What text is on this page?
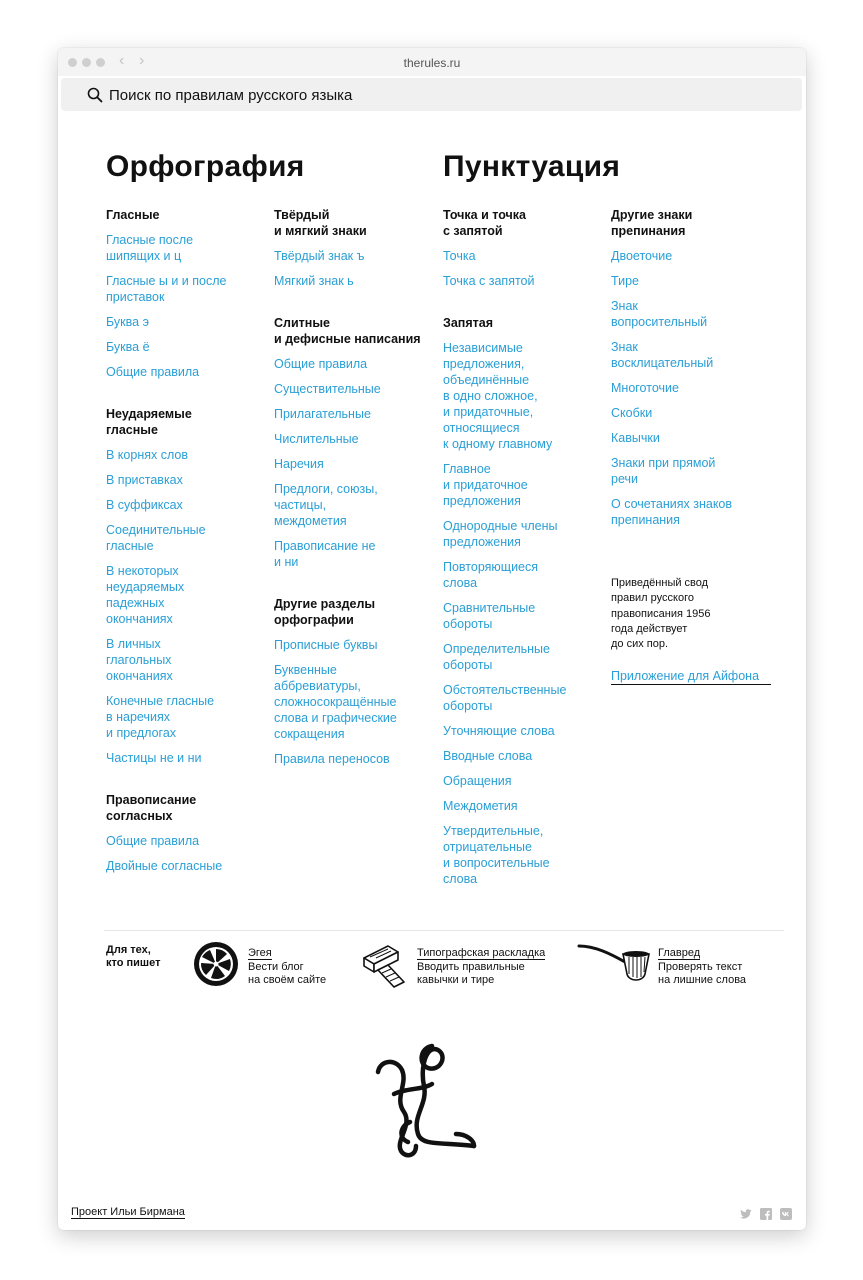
‹ ›	therules.ru
Поиск по правилам русского языка
Орфография	Пунктуация
Гласные
Гласные после
шипящих и ц
Гласные ы и и после
приставок
Буква э
Буква ё
Общие правила
Неударяемые
гласные
В корнях слов
В приставках
В суффиксах
Соединительные
гласные
В некоторых
неударяемых
падежных
окончаниях
В личных
глагольных
окончаниях
Конечные гласные
в наречиях
и предлогах
Частицы не и ни
Правописание
согласных
Общие правила
Двойные согласные
Твёрдый
и мягкий знаки
Твёрдый знак ъ
Мягкий знак ь
Слитные
и дефисные написания
Общие правила
Существительные
Прилагательные
Числительные
Наречия
Предлоги, союзы,
частицы,
междометия
Правописание не
и ни
Другие разделы
орфографии
Прописные буквы
Буквенные
аббревиатуры,
сложносокращённые
слова и графические
сокращения
Правила переносов
Точка и точка
с запятой
Точка
Точка с запятой
Запятая
Независимые
предложения,
объединённые
в одно сложное,
и придаточные,
относящиеся
к одному главному
Главное
и придаточное
предложения
Однородные члены
предложения
Повторяющиеся
слова
Сравнительные
обороты
Определительные
обороты
Обстоятельственные
обороты
Уточняющие слова
Вводные слова
Обращения
Междометия
Утвердительные,
отрицательные
и вопросительные
слова
Другие знаки
препинания
Двоеточие
Тире
Знак
вопросительный
Знак
восклицательный
Многоточие
Скобки
Кавычки
Знаки при прямой
речи
О сочетаниях знаков
препинания
Приведённый свод
правил русского
правописания 1956
года действует
до сих пор.
Приложение для Айфона
Для тех,
кто пишет
Эгея
Вести блог
на своём сайте
Типографская раскладка
Вводить правильные
кавычки и тире
Главред
Проверять текст
на лишние слова
Проект Ильи Бирмана
